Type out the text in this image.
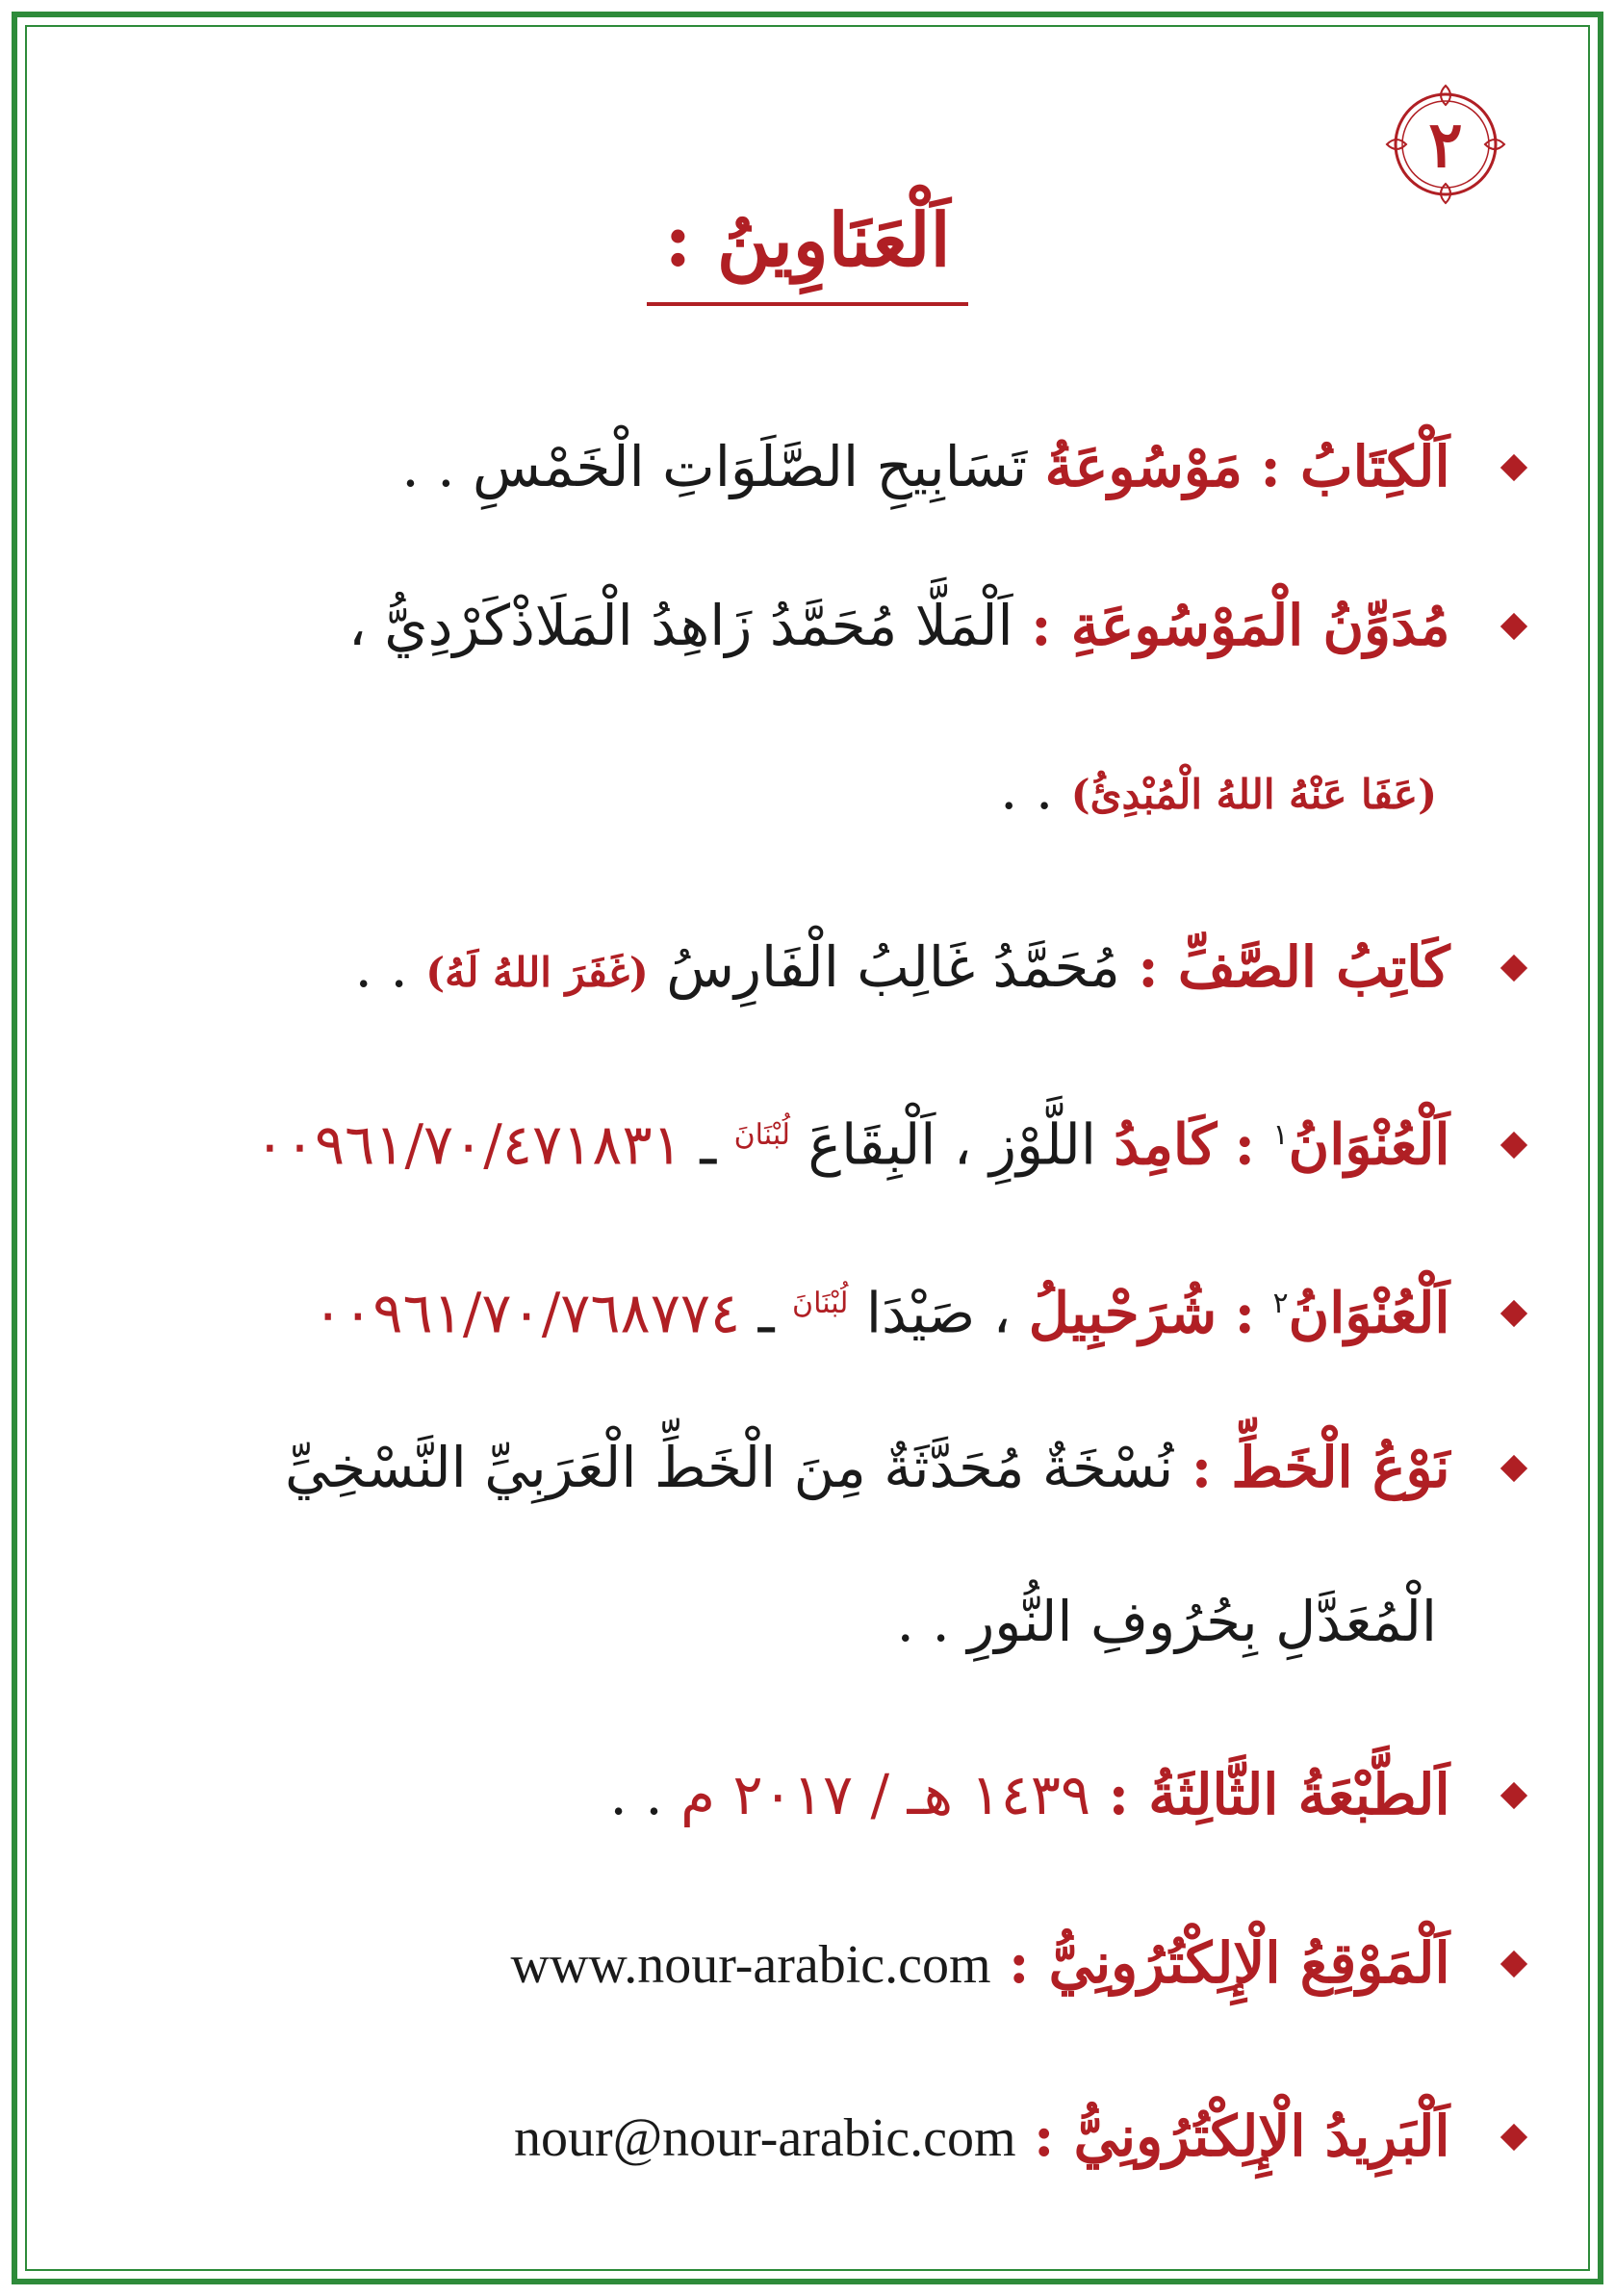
٢
اَلْعَنَاوِينُ :
اَلْكِتَابُ : مَوْسُوعَةُ تَسَابِيحِ الصَّلَوَاتِ الْخَمْسِ . .
مُدَوِّنُ الْمَوْسُوعَةِ : اَلْمَلَّا مُحَمَّدُ زَاهِدُ الْمَلَاذْكَرْدِيُّ ،
(عَفَا عَنْهُ اللهُ الْمُبْدِئُ) . .
كَاتِبُ الصَّفِّ : مُحَمَّدُ غَالِبُ الْفَارِسُ (غَفَرَ اللهُ لَهُ) . .
اَلْعُنْوَانُ$^١$ : كَامِدُ اللَّوْزِ ، اَلْبِقَاعَ $^{لُبْنَانَ}$ ـ ٠٠٩٦١/٧٠/٤٧١٨٣١
اَلْعُنْوَانُ$^٢$ : شُرَحْبِيلُ ، صَيْدَا $^{لُبْنَانَ}$ ـ ٠٠٩٦١/٧٠/٧٦٨٧٧٤
نَوْعُ الْخَطِّ : نُسْخَةٌ مُحَدَّثَةٌ مِنَ الْخَطِّ الْعَرَبِيِّ النَّسْخِيِّ
الْمُعَدَّلِ بِحُرُوفِ النُّورِ . .
اَلطَّبْعَةُ الثَّالِثَةُ : ١٤٣٩ هـ / ٢٠١٧ م . .
اَلْمَوْقِعُ الْإِلِكْتُرُونِيُّ : www.nour-arabic.com
اَلْبَرِيدُ الْإِلِكْتُرُونِيُّ : nour@nour-arabic.com
